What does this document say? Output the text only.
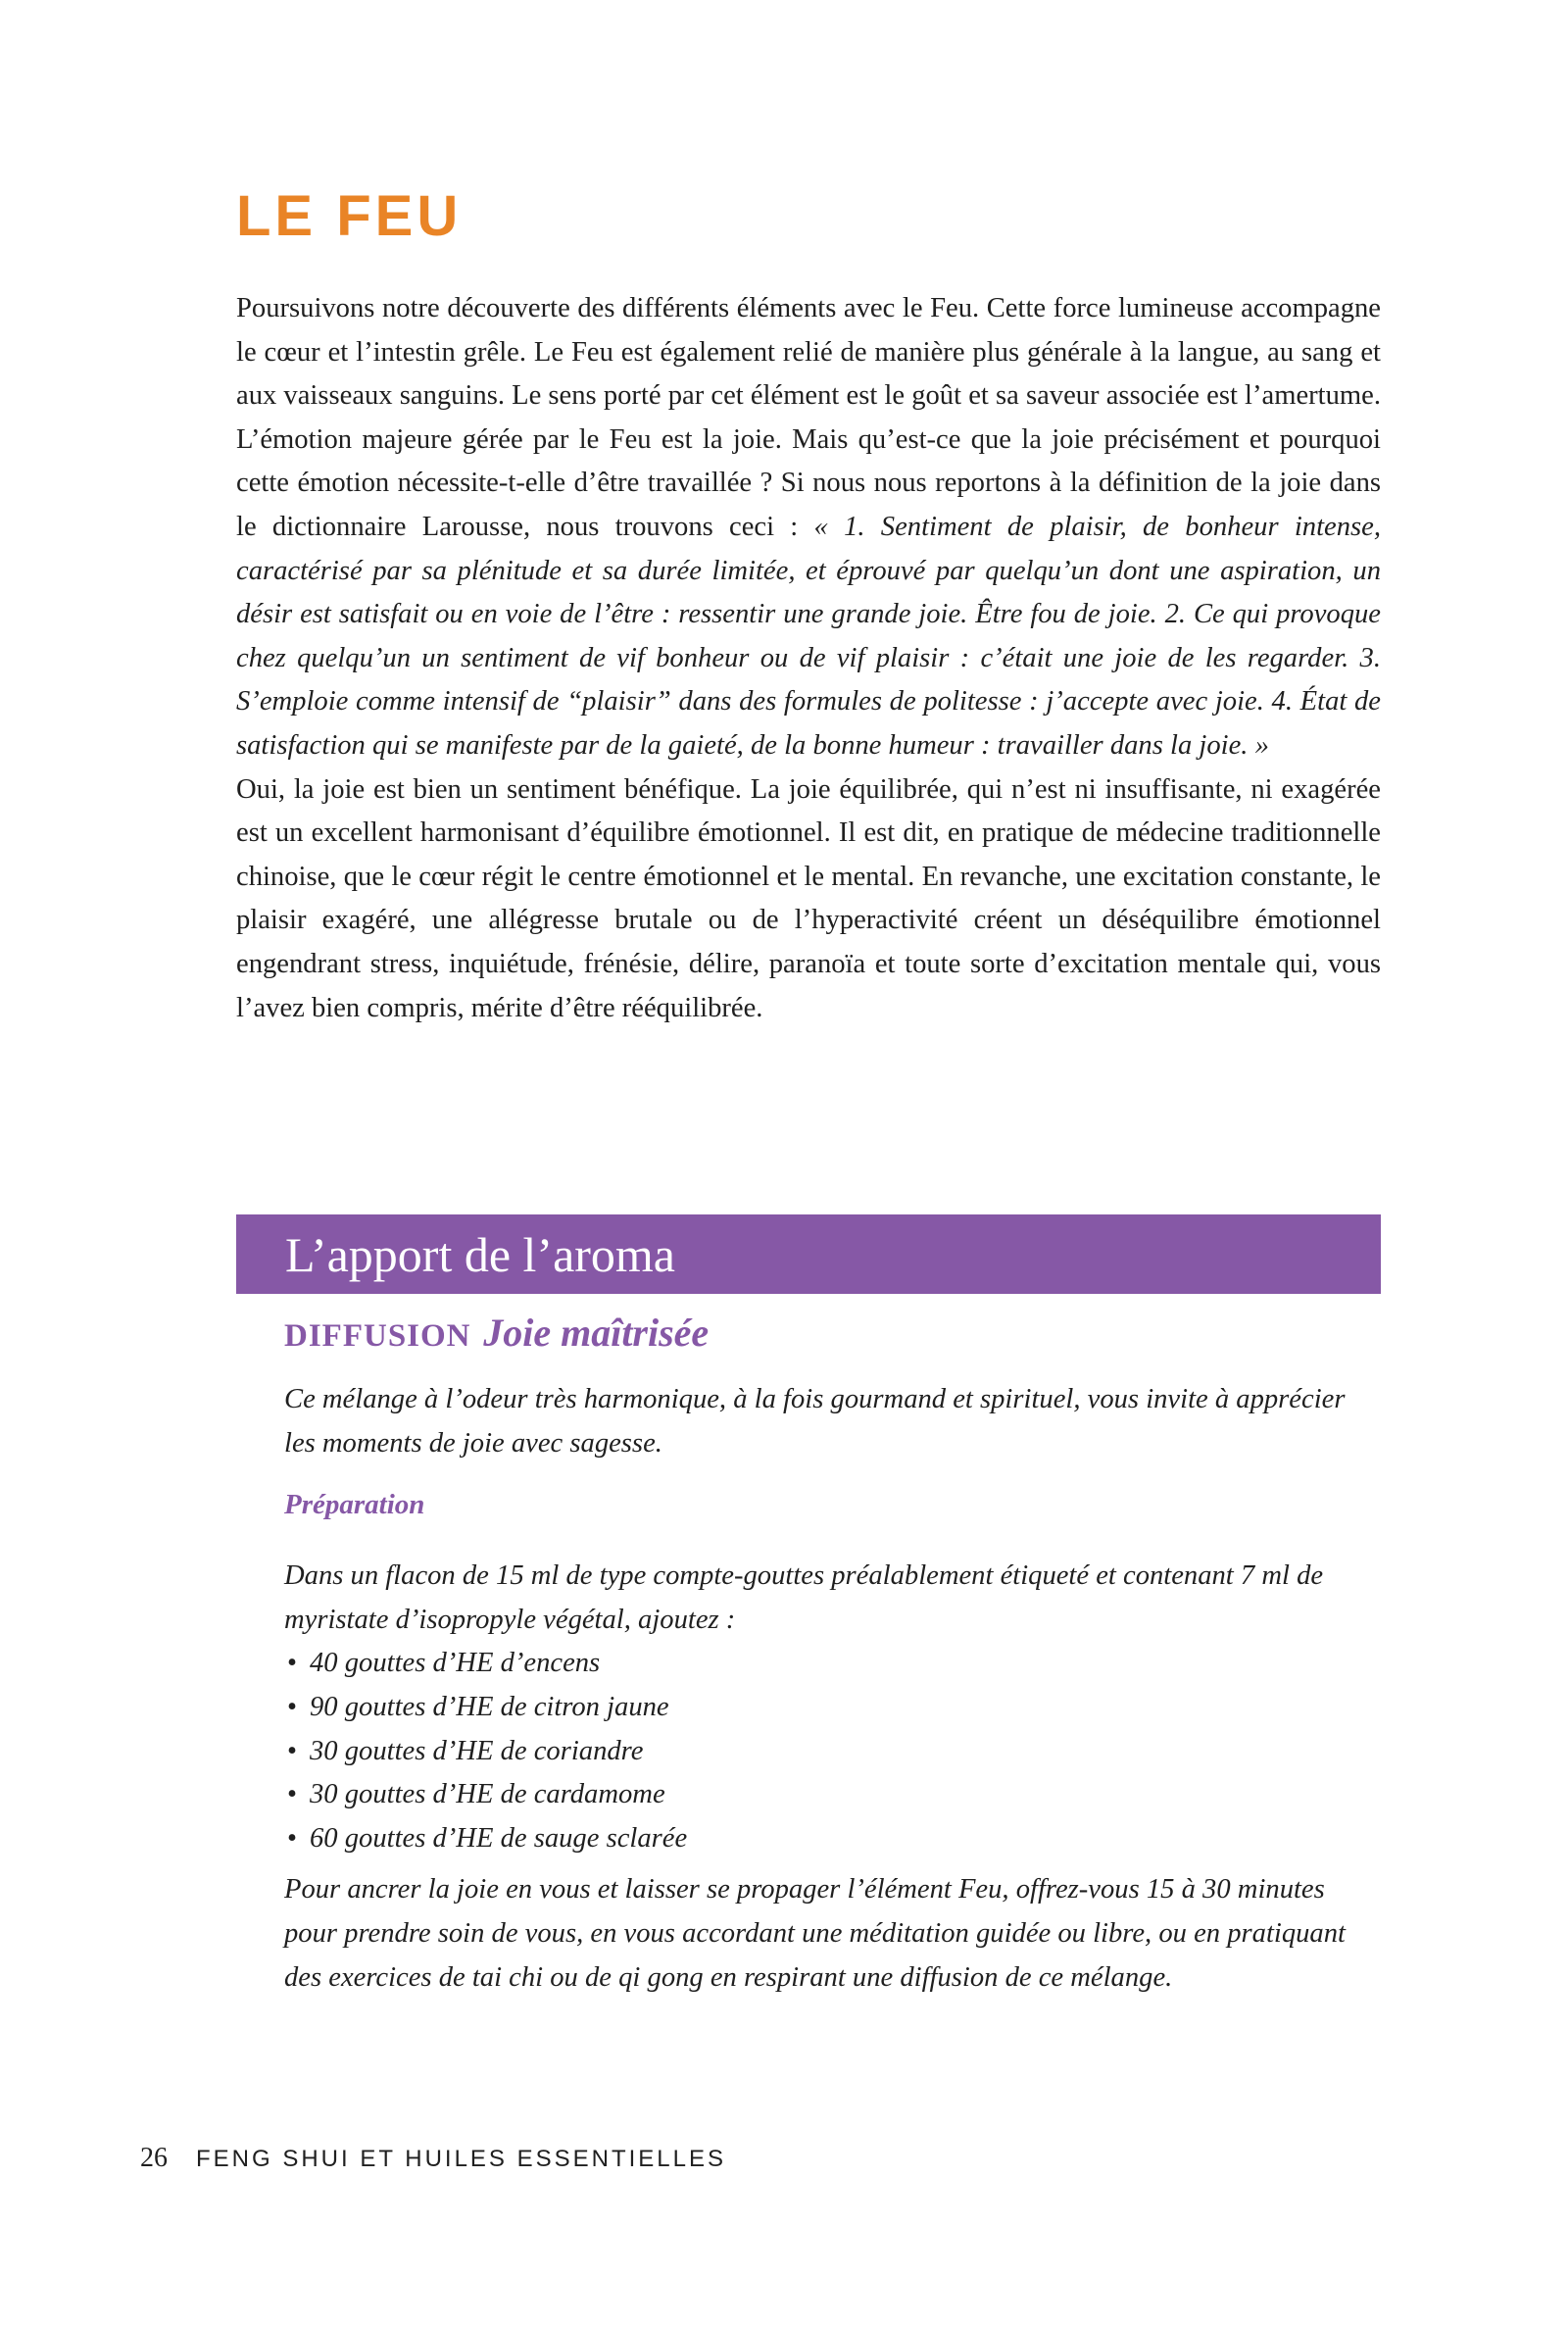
LE FEU

Poursuivons notre découverte des différents éléments avec le Feu. Cette force lumineuse accompagne le cœur et l’intestin grêle. Le Feu est également relié de manière plus générale à la langue, au sang et aux vaisseaux sanguins. Le sens porté par cet élément est le goût et sa saveur associée est l’amertume. L’émotion majeure gérée par le Feu est la joie. Mais qu’est-ce que la joie précisément et pourquoi cette émotion nécessite-t-elle d’être travaillée ? Si nous nous reportons à la définition de la joie dans le dictionnaire Larousse, nous trouvons ceci : « 1. Sentiment de plaisir, de bonheur intense, caractérisé par sa plénitude et sa durée limitée, et éprouvé par quelqu’un dont une aspiration, un désir est satisfait ou en voie de l’être : ressentir une grande joie. Être fou de joie. 2. Ce qui provoque chez quelqu’un un sentiment de vif bonheur ou de vif plaisir : c’était une joie de les regarder. 3. S’emploie comme intensif de “plaisir” dans des formules de politesse : j’accepte avec joie. 4. État de satisfaction qui se manifeste par de la gaieté, de la bonne humeur : travailler dans la joie. »

Oui, la joie est bien un sentiment bénéfique. La joie équilibrée, qui n’est ni insuffisante, ni exagérée est un excellent harmonisant d’équilibre émotionnel. Il est dit, en pratique de médecine traditionnelle chinoise, que le cœur régit le centre émotionnel et le mental. En revanche, une excitation constante, le plaisir exagéré, une allégresse brutale ou de l’hyperactivité créent un déséquilibre émotionnel engendrant stress, inquiétude, frénésie, délire, paranoïa et toute sorte d’excitation mentale qui, vous l’avez bien compris, mérite d’être rééquilibrée.

L’apport de l’aroma
DIFFUSION Joie maîtrisée

Ce mélange à l’odeur très harmonique, à la fois gourmand et spirituel, vous invite à apprécier les moments de joie avec sagesse.

Préparation

Dans un flacon de 15 ml de type compte-gouttes préalablement étiqueté et contenant 7 ml de myristate d’isopropyle végétal, ajoutez :

• 40 gouttes d’HE d’encens
• 90 gouttes d’HE de citron jaune
• 30 gouttes d’HE de coriandre
• 30 gouttes d’HE de cardamome
• 60 gouttes d’HE de sauge sclarée

Pour ancrer la joie en vous et laisser se propager l’élément Feu, offrez-vous 15 à 30 minutes pour prendre soin de vous, en vous accordant une méditation guidée ou libre, ou en pratiquant des exercices de tai chi ou de qi gong en respirant une diffusion de ce mélange.

26 FENG SHUI ET HUILES ESSENTIELLES
